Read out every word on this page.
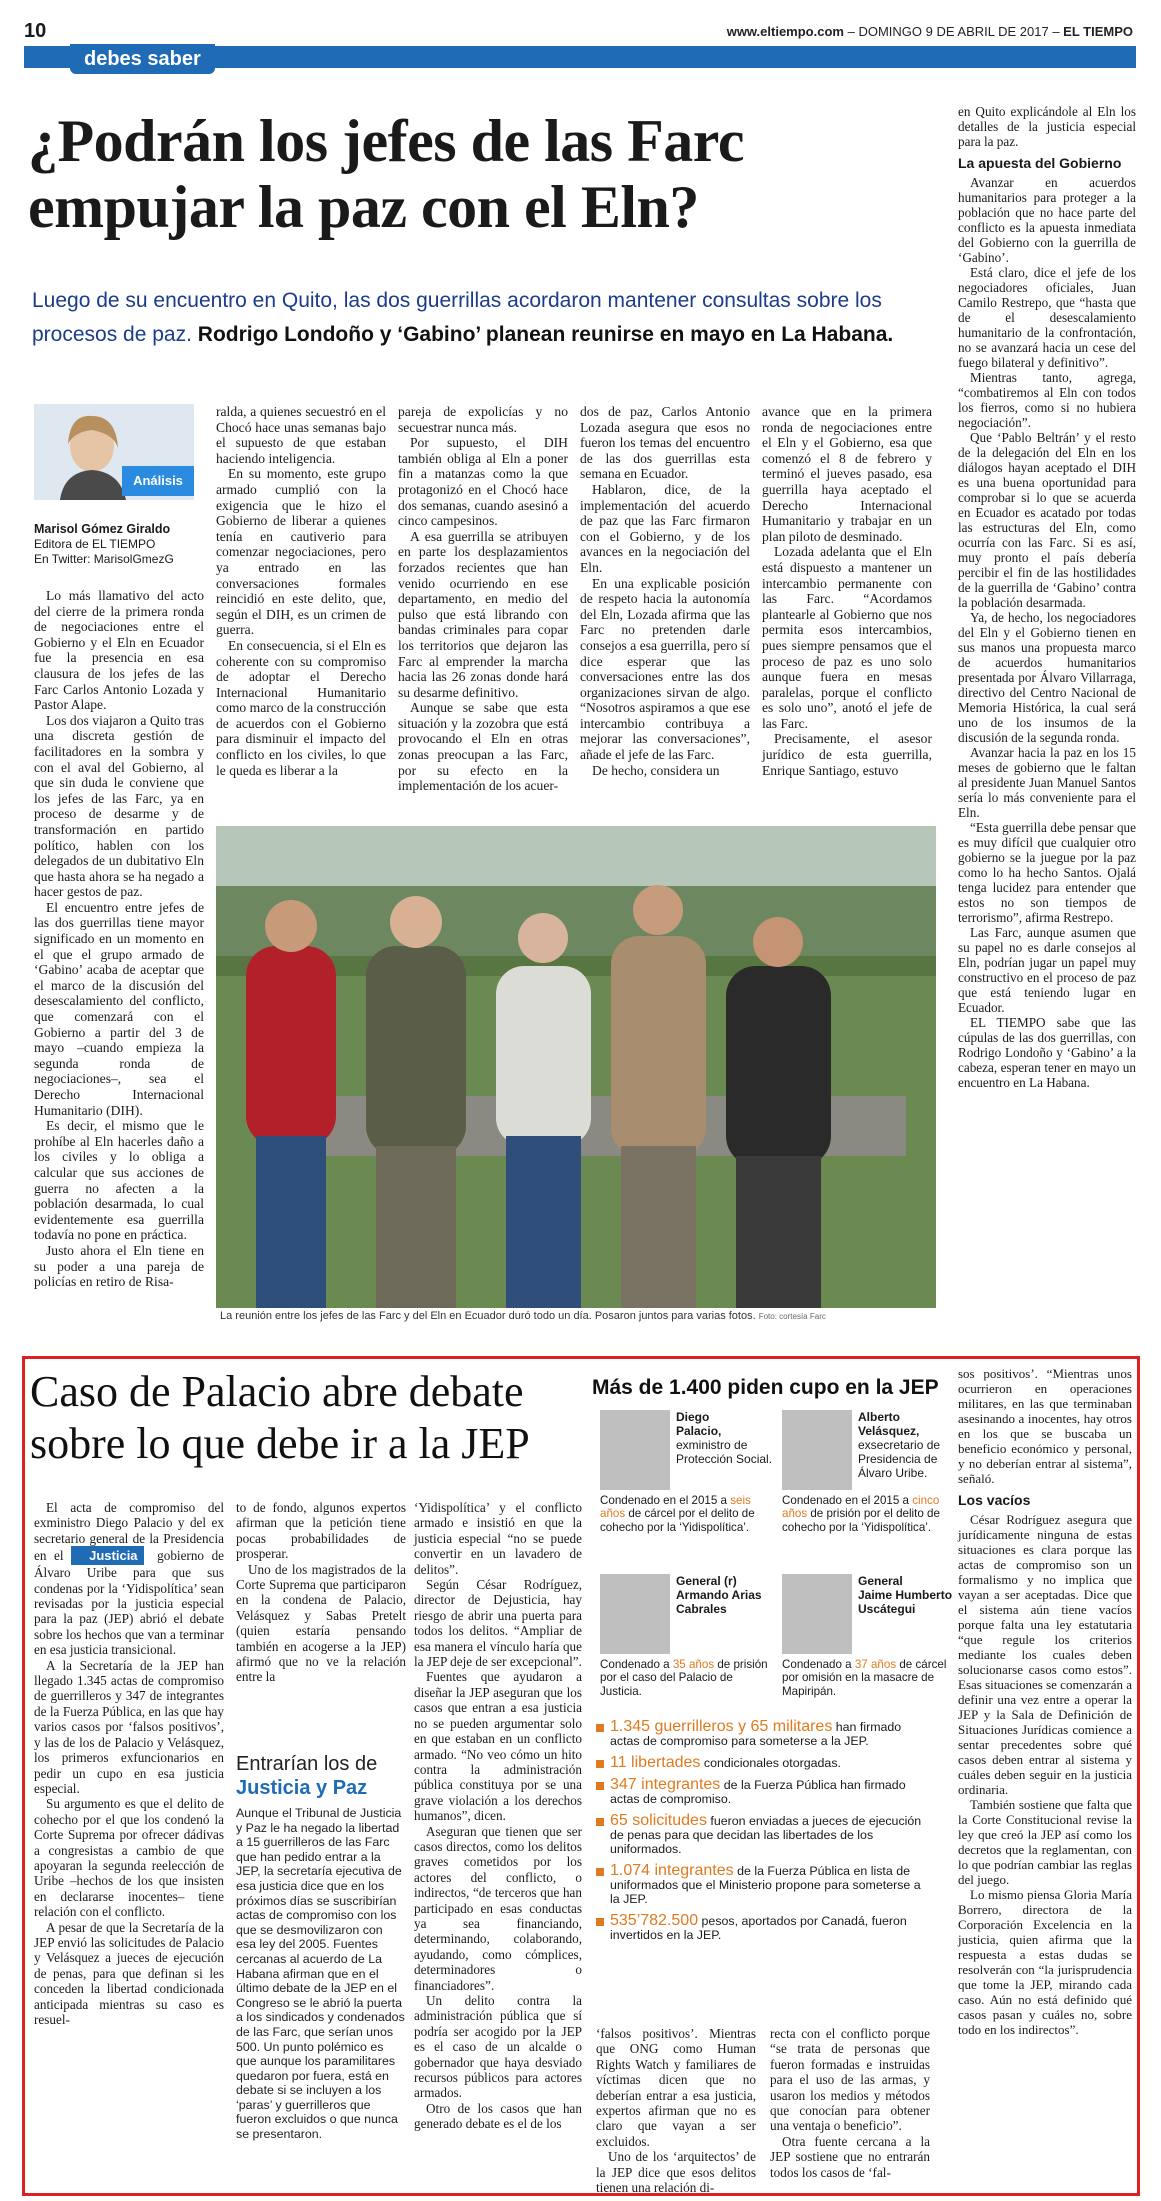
10	www.eltiempo.com – DOMINGO 9 DE ABRIL DE 2017 – EL TIEMPO
debes saber
¿Podrán los jefes de las Farc empujar la paz con el Eln?
Luego de su encuentro en Quito, las dos guerrillas acordaron mantener consultas sobre los procesos de paz. Rodrigo Londoño y ‘Gabino’ planean reunirse en mayo en La Habana.
Análisis
Marisol Gómez Giraldo
Editora de EL TIEMPO
En Twitter: MarisolGmezG

Lo más llamativo del acto del cierre de la primera ronda de negociaciones entre el Gobierno y el Eln en Ecuador fue la presencia en esa clausura de los jefes de las Farc Carlos Antonio Lozada y Pastor Alape.

Los dos viajaron a Quito tras una discreta gestión de facilitadores en la sombra y con el aval del Gobierno, al que sin duda le conviene que los jefes de las Farc, ya en proceso de desarme y de transformación en partido político, hablen con los delegados de un dubitativo Eln que hasta ahora se ha negado a hacer gestos de paz.

El encuentro entre jefes de las dos guerrillas tiene mayor significado en un momento en el que el grupo armado de ‘Gabino’ acaba de aceptar que el marco de la discusión del desescalamiento del conflicto, que comenzará con el Gobierno a partir del 3 de mayo –cuando empieza la segunda ronda de negociaciones–, sea el Derecho Internacional Humanitario (DIH).

Es decir, el mismo que le prohíbe al Eln hacerles daño a los civiles y lo obliga a calcular que sus acciones de guerra no afecten a la población desarmada, lo cual evidentemente esa guerrilla todavía no pone en práctica.

Justo ahora el Eln tiene en su poder a una pareja de policías en retiro de Risa-

ralda, a quienes secuestró en el Chocó hace unas semanas bajo el supuesto de que estaban haciendo inteligencia.

En su momento, este grupo armado cumplió con la exigencia que le hizo el Gobierno de liberar a quienes tenía en cautiverio para comenzar negociaciones, pero ya entrado en las conversaciones formales reincidió en este delito, que, según el DIH, es un crimen de guerra.

En consecuencia, si el Eln es coherente con su compromiso de adoptar el Derecho Internacional Humanitario como marco de la construcción de acuerdos con el Gobierno para disminuir el impacto del conflicto en los civiles, lo que le queda es liberar a la

pareja de expolicías y no secuestrar nunca más.

Por supuesto, el DIH también obliga al Eln a poner fin a matanzas como la que protagonizó en el Chocó hace dos semanas, cuando asesinó a cinco campesinos.

A esa guerrilla se atribuyen en parte los desplazamientos forzados recientes que han venido ocurriendo en ese departamento, en medio del pulso que está librando con bandas criminales para copar los territorios que dejaron las Farc al emprender la marcha hacia las 26 zonas donde hará su desarme definitivo.

Aunque se sabe que esta situación y la zozobra que está provocando el Eln en otras zonas preocupan a las Farc, por su efecto en la implementación de los acuer-

dos de paz, Carlos Antonio Lozada asegura que esos no fueron los temas del encuentro de las dos guerrillas esta semana en Ecuador.

Hablaron, dice, de la implementación del acuerdo de paz que las Farc firmaron con el Gobierno, y de los avances en la negociación del Eln.

En una explicable posición de respeto hacia la autonomía del Eln, Lozada afirma que las Farc no pretenden darle consejos a esa guerrilla, pero sí dice esperar que las conversaciones entre las dos organizaciones sirvan de algo. “Nosotros aspiramos a que ese intercambio contribuya a mejorar las conversaciones”, añade el jefe de las Farc.

De hecho, considera un

avance que en la primera ronda de negociaciones entre el Eln y el Gobierno, esa que comenzó el 8 de febrero y terminó el jueves pasado, esa guerrilla haya aceptado el Derecho Internacional Humanitario y trabajar en un plan piloto de desminado.

Lozada adelanta que el Eln está dispuesto a mantener un intercambio permanente con las Farc. “Acordamos plantearle al Gobierno que nos permita esos intercambios, pues siempre pensamos que el proceso de paz es uno solo aunque fuera en mesas paralelas, porque el conflicto es solo uno”, anotó el jefe de las Farc.

Precisamente, el asesor jurídico de esta guerrilla, Enrique Santiago, estuvo

en Quito explicándole al Eln los detalles de la justicia especial para la paz.

La apuesta del Gobierno

Avanzar en acuerdos humanitarios para proteger a la población que no hace parte del conflicto es la apuesta inmediata del Gobierno con la guerrilla de ‘Gabino’.

Está claro, dice el jefe de los negociadores oficiales, Juan Camilo Restrepo, que “hasta que de el desescalamiento humanitario de la confrontación, no se avanzará hacia un cese del fuego bilateral y definitivo”.

Mientras tanto, agrega, “combatiremos al Eln con todos los fierros, como si no hubiera negociación”.

Que ‘Pablo Beltrán’ y el resto de la delegación del Eln en los diálogos hayan aceptado el DIH es una buena oportunidad para comprobar si lo que se acuerda en Ecuador es acatado por todas las estructuras del Eln, como ocurría con las Farc. Si es así, muy pronto el país debería percibir el fin de las hostilidades de la guerrilla de ‘Gabino’ contra la población desarmada.

Ya, de hecho, los negociadores del Eln y el Gobierno tienen en sus manos una propuesta marco de acuerdos humanitarios presentada por Álvaro Villarraga, directivo del Centro Nacional de Memoria Histórica, la cual será uno de los insumos de la discusión de la segunda ronda.

Avanzar hacia la paz en los 15 meses de gobierno que le faltan al presidente Juan Manuel Santos sería lo más conveniente para el Eln.

“Esta guerrilla debe pensar que es muy difícil que cualquier otro gobierno se la juegue por la paz como lo ha hecho Santos. Ojalá tenga lucidez para entender que estos no son tiempos de terrorismo”, afirma Restrepo.

Las Farc, aunque asumen que su papel no es darle consejos al Eln, podrían jugar un papel muy constructivo en el proceso de paz que está teniendo lugar en Ecuador.

EL TIEMPO sabe que las cúpulas de las dos guerrillas, con Rodrigo Londoño y ‘Gabino’ a la cabeza, esperan tener en mayo un encuentro en La Habana.

La reunión entre los jefes de las Farc y del Eln en Ecuador duró todo un día. Posaron juntos para varias fotos. Foto: cortesía Farc
Caso de Palacio abre debate sobre lo que debe ir a la JEP

El acta de compromiso del exministro Diego Palacio y del ex secretario general de la Presidencia en el Justicia gobierno de Álvaro Uribe para que sus condenas por la ‘Yidispolítica’ sean revisadas por la justicia especial para la paz (JEP) abrió el debate sobre los hechos que van a terminar en esa justicia transicional.

A la Secretaría de la JEP han llegado 1.345 actas de compromiso de guerrilleros y 347 de integrantes de la Fuerza Pública, en las que hay varios casos por ‘falsos positivos’, y las de los de Palacio y Velásquez, los primeros exfuncionarios en pedir un cupo en esa justicia especial.

Su argumento es que el delito de cohecho por el que los condenó la Corte Suprema por ofrecer dádivas a congresistas a cambio de que apoyaran la segunda reelección de Uribe –hechos de los que insisten en declararse inocentes– tiene relación con el conflicto.

A pesar de que la Secretaría de la JEP envió las solicitudes de Palacio y Velásquez a jueces de ejecución de penas, para que definan si les conceden la libertad condicionada anticipada mientras su caso es resuel-

to de fondo, algunos expertos afirman que la petición tiene pocas probabilidades de prosperar.

Uno de los magistrados de la Corte Suprema que participaron en la condena de Palacio, Velásquez y Sabas Pretelt (quien estaría pensando también en acogerse a la JEP) afirmó que no ve la relación entre la

Entrarían los de
Justicia y Paz
Aunque el Tribunal de Justicia y Paz le ha negado la libertad a 15 guerrilleros de las Farc que han pedido entrar a la JEP, la secretaría ejecutiva de esa justicia dice que en los próximos días se suscribirían actas de compromiso con los que se desmovilizaron con esa ley del 2005. Fuentes cercanas al acuerdo de La Habana afirman que en el último debate de la JEP en el Congreso se le abrió la puerta a los sindicados y condenados de las Farc, que serían unos 500. Un punto polémico es que aunque los paramilitares quedaron por fuera, está en debate si se incluyen a los ‘paras’ y guerrilleros que fueron excluidos o que nunca se presentaron.

‘Yidispolítica’ y el conflicto armado e insistió en que la justicia especial “no se puede convertir en un lavadero de delitos”.

Según César Rodríguez, director de Dejusticia, hay riesgo de abrir una puerta para todos los delitos. “Ampliar de esa manera el vínculo haría que la JEP deje de ser excepcional”.

Fuentes que ayudaron a diseñar la JEP aseguran que los casos que entran a esa justicia no se pueden argumentar solo en que estaban en un conflicto armado. “No veo cómo un hito contra la administración pública constituya por se una grave violación a los derechos humanos”, dicen.

Aseguran que tienen que ser casos directos, como los delitos graves cometidos por los actores del conflicto, o indirectos, “de terceros que han participado en esas conductas ya sea financiando, determinando, colaborando, ayudando, como cómplices, determinadores o financiadores”.

Un delito contra la administración pública que sí podría ser acogido por la JEP es el caso de un alcalde o gobernador que haya desviado recursos públicos para actores armados.

Otro de los casos que han generado debate es el de los

Más de 1.400 piden cupo en la JEP
Diego
Palacio,
exministro de Protección Social.
Condenado en el 2015 a seis años de cárcel por el delito de cohecho por la ‘Yidispolítica’.
Alberto
Velásquez,
exsecretario de Presidencia de Álvaro Uribe.
Condenado en el 2015 a cinco años de prisión por el delito de cohecho por la ‘Yidispolítica’.
General (r)
Armando Arias Cabrales
Condenado a 35 años de prisión por el caso del Palacio de Justicia.
General
Jaime Humberto Uscátegui
Condenado a 37 años de cárcel por omisión en la masacre de Mapiripán.
1.345 guerrilleros y 65 militares han firmado actas de compromiso para someterse a la JEP.
11 libertades condicionales otorgadas.
347 integrantes de la Fuerza Pública han firmado actas de compromiso.
65 solicitudes fueron enviadas a jueces de ejecución de penas para que decidan las libertades de los uniformados.
1.074 integrantes de la Fuerza Pública en lista de uniformados que el Ministerio propone para someterse a la JEP.
535’782.500 pesos, aportados por Canadá, fueron invertidos en la JEP.

‘falsos positivos’. Mientras que ONG como Human Rights Watch y familiares de víctimas dicen que no deberían entrar a esa justicia, expertos afirman que no es claro que vayan a ser excluidos.

Uno de los ‘arquitectos’ de la JEP dice que esos delitos tienen una relación di-

recta con el conflicto porque “se trata de personas que fueron formadas e instruidas para el uso de las armas, y usaron los medios y métodos que conocían para obtener una ventaja o beneficio”.

Otra fuente cercana a la JEP sostiene que no entrarán todos los casos de ‘fal-

sos positivos’. “Mientras unos ocurrieron en operaciones militares, en las que terminaban asesinando a inocentes, hay otros en los que se buscaba un beneficio económico y personal, y no deberían entrar al sistema”, señaló.

Los vacíos

César Rodríguez asegura que jurídicamente ninguna de estas situaciones es clara porque las actas de compromiso son un formalismo y no implica que vayan a ser aceptadas. Dice que el sistema aún tiene vacíos porque falta una ley estatutaria “que regule los criterios mediante los cuales deben solucionarse casos como estos”. Esas situaciones se comenzarán a definir una vez entre a operar la JEP y la Sala de Definición de Situaciones Jurídicas comience a sentar precedentes sobre qué casos deben entrar al sistema y cuáles deben seguir en la justicia ordinaria.

También sostiene que falta que la Corte Constitucional revise la ley que creó la JEP así como los decretos que la reglamentan, con lo que podrían cambiar las reglas del juego.

Lo mismo piensa Gloria María Borrero, directora de la Corporación Excelencia en la justicia, quien afirma que la respuesta a estas dudas se resolverán con “la jurisprudencia que tome la JEP, mirando cada caso. Aún no está definido qué casos pasan y cuáles no, sobre todo en los indirectos”.
